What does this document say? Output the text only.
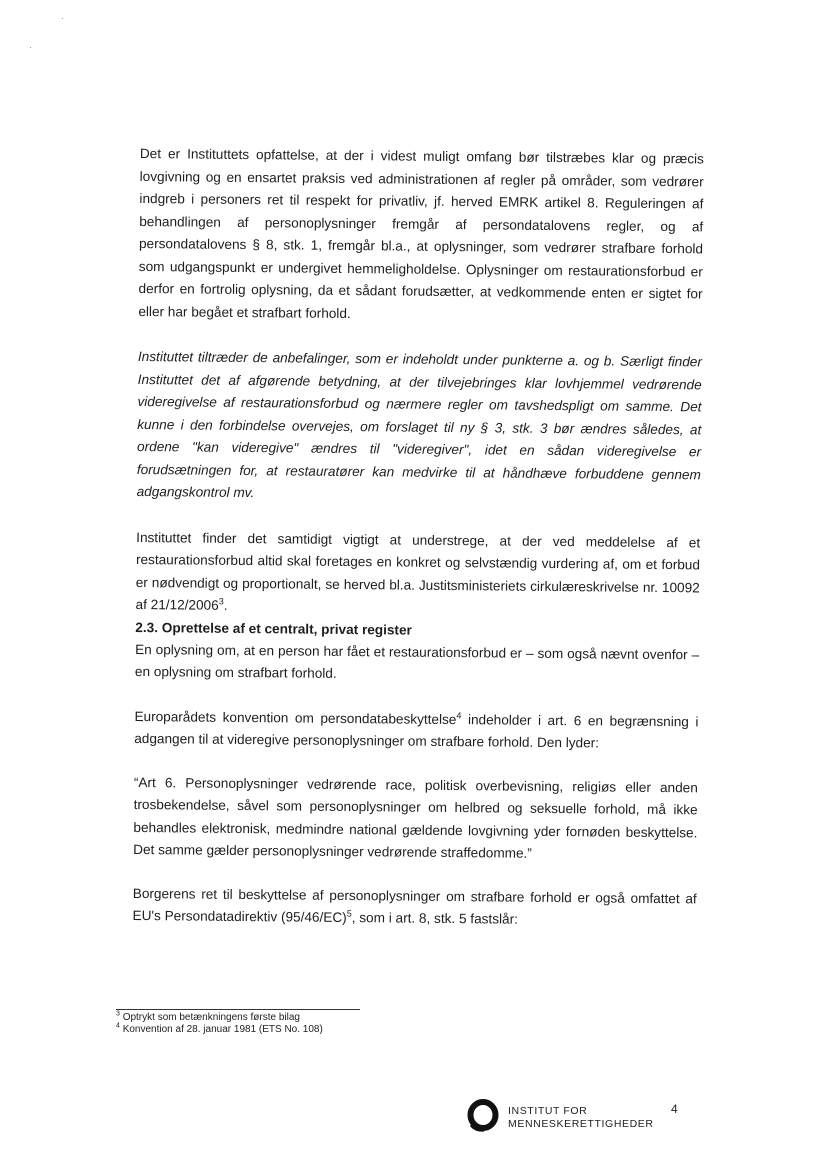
Det er Instituttets opfattelse, at der i videst muligt omfang bør tilstræbes klar og præcis lovgivning og en ensartet praksis ved administrationen af regler på områder, som vedrører indgreb i personers ret til respekt for privatliv, jf. herved EMRK artikel 8. Reguleringen af behandlingen af personoplysninger fremgår af persondatalovens regler, og af persondatalovens § 8, stk. 1, fremgår bl.a., at oplysninger, som vedrører strafbare forhold som udgangspunkt er undergivet hemmeligholdelse. Oplysninger om restaurationsforbud er derfor en fortrolig oplysning, da et sådant forudsætter, at vedkommende enten er sigtet for eller har begået et strafbart forhold.

Instituttet tiltræder de anbefalinger, som er indeholdt under punkterne a. og b. Særligt finder Instituttet det af afgørende betydning, at der tilvejebringes klar lovhjemmel vedrørende videregivelse af restaurationsforbud og nærmere regler om tavshedspligt om samme. Det kunne i den forbindelse overvejes, om forslaget til ny § 3, stk. 3 bør ændres således, at ordene "kan videregive" ændres til "videregiver", idet en sådan videregivelse er forudsætningen for, at restauratører kan medvirke til at håndhæve forbuddene gennem adgangskontrol mv.

Instituttet finder det samtidigt vigtigt at understrege, at der ved meddelelse af et restaurationsforbud altid skal foretages en konkret og selvstændig vurdering af, om et forbud er nødvendigt og proportionalt, se herved bl.a. Justitsministeriets cirkulæreskrivelse nr. 10092 af 21/12/2006$^3$.

2.3. Oprettelse af et centralt, privat register

En oplysning om, at en person har fået et restaurationsforbud er – som også nævnt ovenfor – en oplysning om strafbart forhold.

Europarådets konvention om persondatabeskyttelse$^4$ indeholder i art. 6 en begrænsning i adgangen til at videregive personoplysninger om strafbare forhold. Den lyder:

“Art 6. Personoplysninger vedrørende race, politisk overbevisning, religiøs eller anden trosbekendelse, såvel som personoplysninger om helbred og seksuelle forhold, må ikke behandles elektronisk, medmindre national gældende lovgivning yder fornøden beskyttelse. Det samme gælder personoplysninger vedrørende straffedomme.”

Borgerens ret til beskyttelse af personoplysninger om strafbare forhold er også omfattet af EU's Persondatadirektiv $(95/46/EC)^5$, som i art. 8, stk. 5 fastslår:

$^3$ Optrykt som betænkningens første bilag
$^4$ Konvention af 28. januar 1981 (ETS No. 108)
INSTITUT FOR
MENNESKERETTIGHEDER
4
